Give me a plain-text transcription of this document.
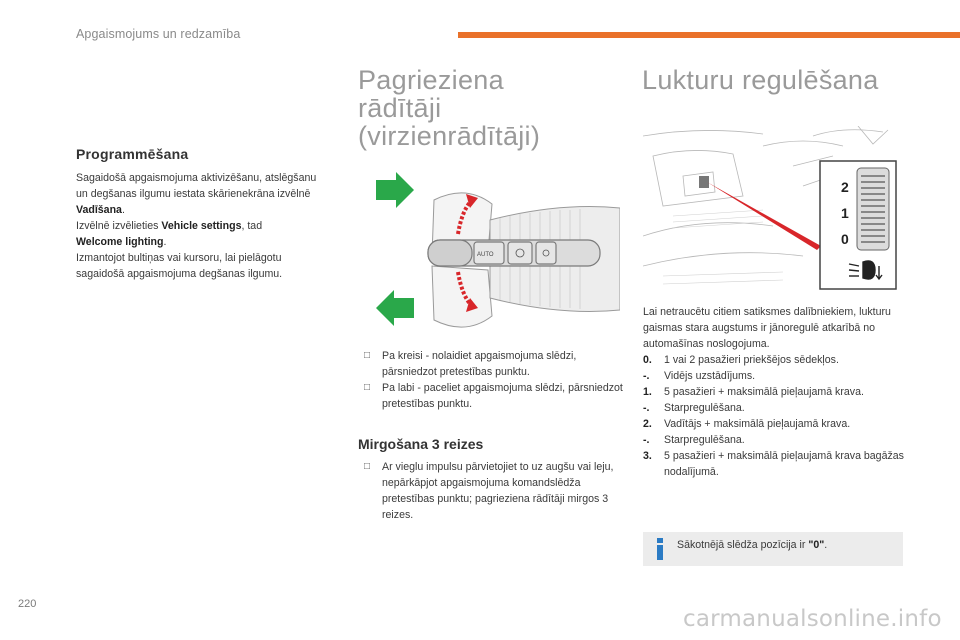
Apgaismojums un redzamība
Programmēšana
Sagaidošā apgaismojuma aktivizēšanu, atslēgšanu un degšanas ilgumu iestata skārienekrāna izvēlnē Vadīšana.
Izvēlnē izvēlieties Vehicle settings, tad
Welcome lighting.
Izmantojot bultiņas vai kursoru, lai pielāgotu sagaidošā apgaismojuma degšanas ilgumu.
Pagrieziena
rādītāji
(virzienrādītāji)
AUTO
□ Pa kreisi - nolaidiet apgaismojuma slēdzi, pārsniedzot pretestības punktu.
□ Pa labi - paceliet apgaismojuma slēdzi, pārsniedzot pretestības punktu.
Mirgošana 3 reizes
□ Ar vieglu impulsu pārvietojiet to uz augšu vai leju, nepārkāpjot apgaismojuma komandslēdža pretestības punktu; pagrieziena rādītāji mirgos 3 reizes.
Lukturu regulēšana
2
1
0
Lai netraucētu citiem satiksmes dalībniekiem, lukturu gaismas stara augstums ir jānoregulē atkarībā no automašīnas noslogojuma.
0.	1 vai 2 pasažieri priekšējos sēdekļos.
-.	Vidējs uzstādījums.
1.	5 pasažieri + maksimālā pieļaujamā krava.
-.	Starpregulēšana.
2.	Vadītājs + maksimālā pieļaujamā krava.
-.	Starpregulēšana.
3.	5 pasažieri + maksimālā pieļaujamā krava bagāžas nodalījumā.
Sākotnējā slēdža pozīcija ir "0".
220
carmanualsonline.info
